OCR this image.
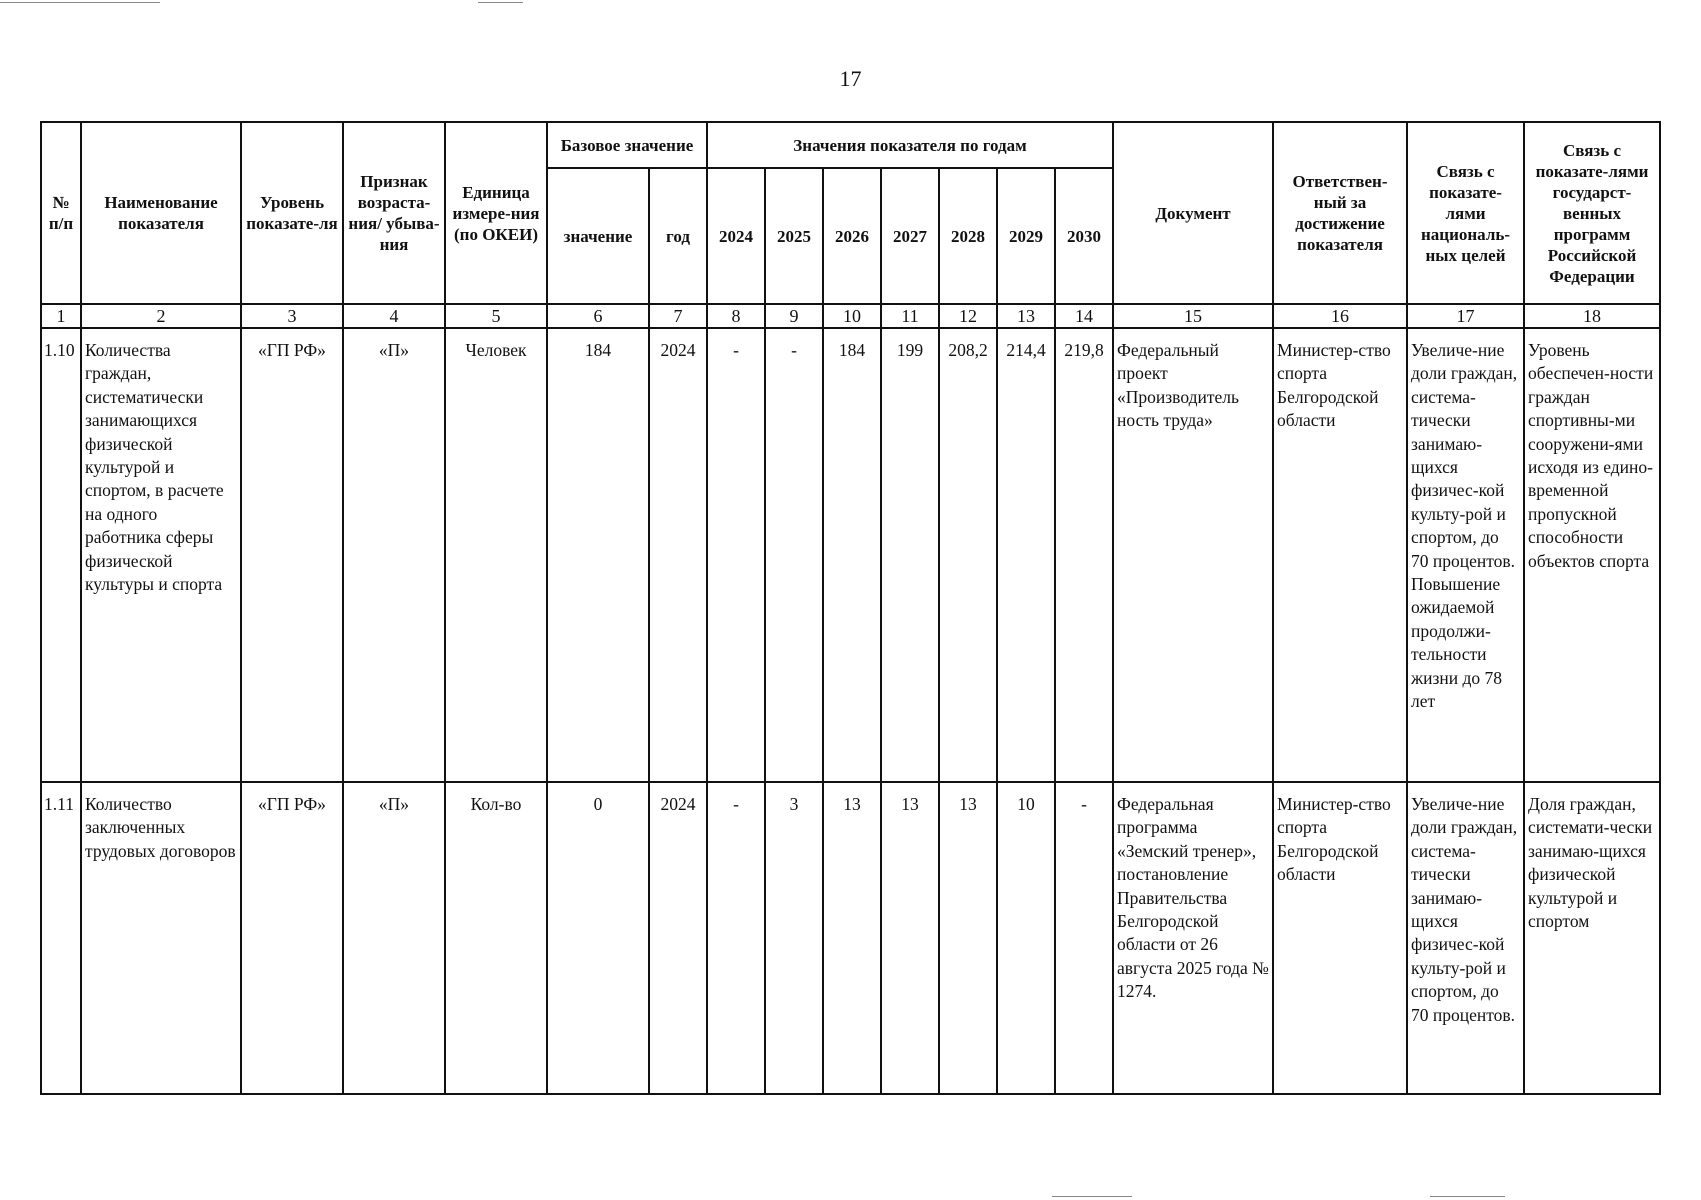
17
№ п/п	Наименование показателя	Уровень показате-ля	Признак возраста-ния/ убыва-ния	Единица измере-ния (по ОКЕИ)	Базовое значение		Значения показателя по годам							Документ	Ответствен-ный за достижение показателя	Связь с показате-лями националь-ных целей	Связь с показате-лями государст-венных программ Российской Федерации
					значение	год	2024	2025	2026	2027	2028	2029	2030				
1	2	3	4	5	6	7	8	9	10	11	12	13	14	15	16	17	18
1.10	Количества граждан, систематически занимающихся физической культурой и спортом, в расчете на одного работника сферы физической культуры и спорта	«ГП РФ»	«П»	Человек	184	2024	-	-	184	199	208,2	214,4	219,8	Федеральный проект «Производитель ность труда»	Министер-ство спорта Белгородской области	Увеличе-ние доли граждан, система-тически занимаю-щихся физичес-кой культу-рой и спортом, до 70 процентов. Повышение ожидаемой продолжи-тельности жизни до 78 лет	Уровень обеспечен-ности граждан спортивны-ми сооружени-ями исходя из едино-временной пропускной способности объектов спорта
1.11	Количество заключенных трудовых договоров	«ГП РФ»	«П»	Кол-во	0	2024	-	3	13	13	13	10	-	Федеральная программа «Земский тренер», постановление Правительства Белгородской области от 26 августа 2025 года № 1274.	Министер-ство спорта Белгородской области	Увеличе-ние доли граждан, система-тически занимаю-щихся физичес-кой культу-рой и спортом, до 70 процентов.	Доля граждан, системати-чески занимаю-щихся физической культурой и спортом
